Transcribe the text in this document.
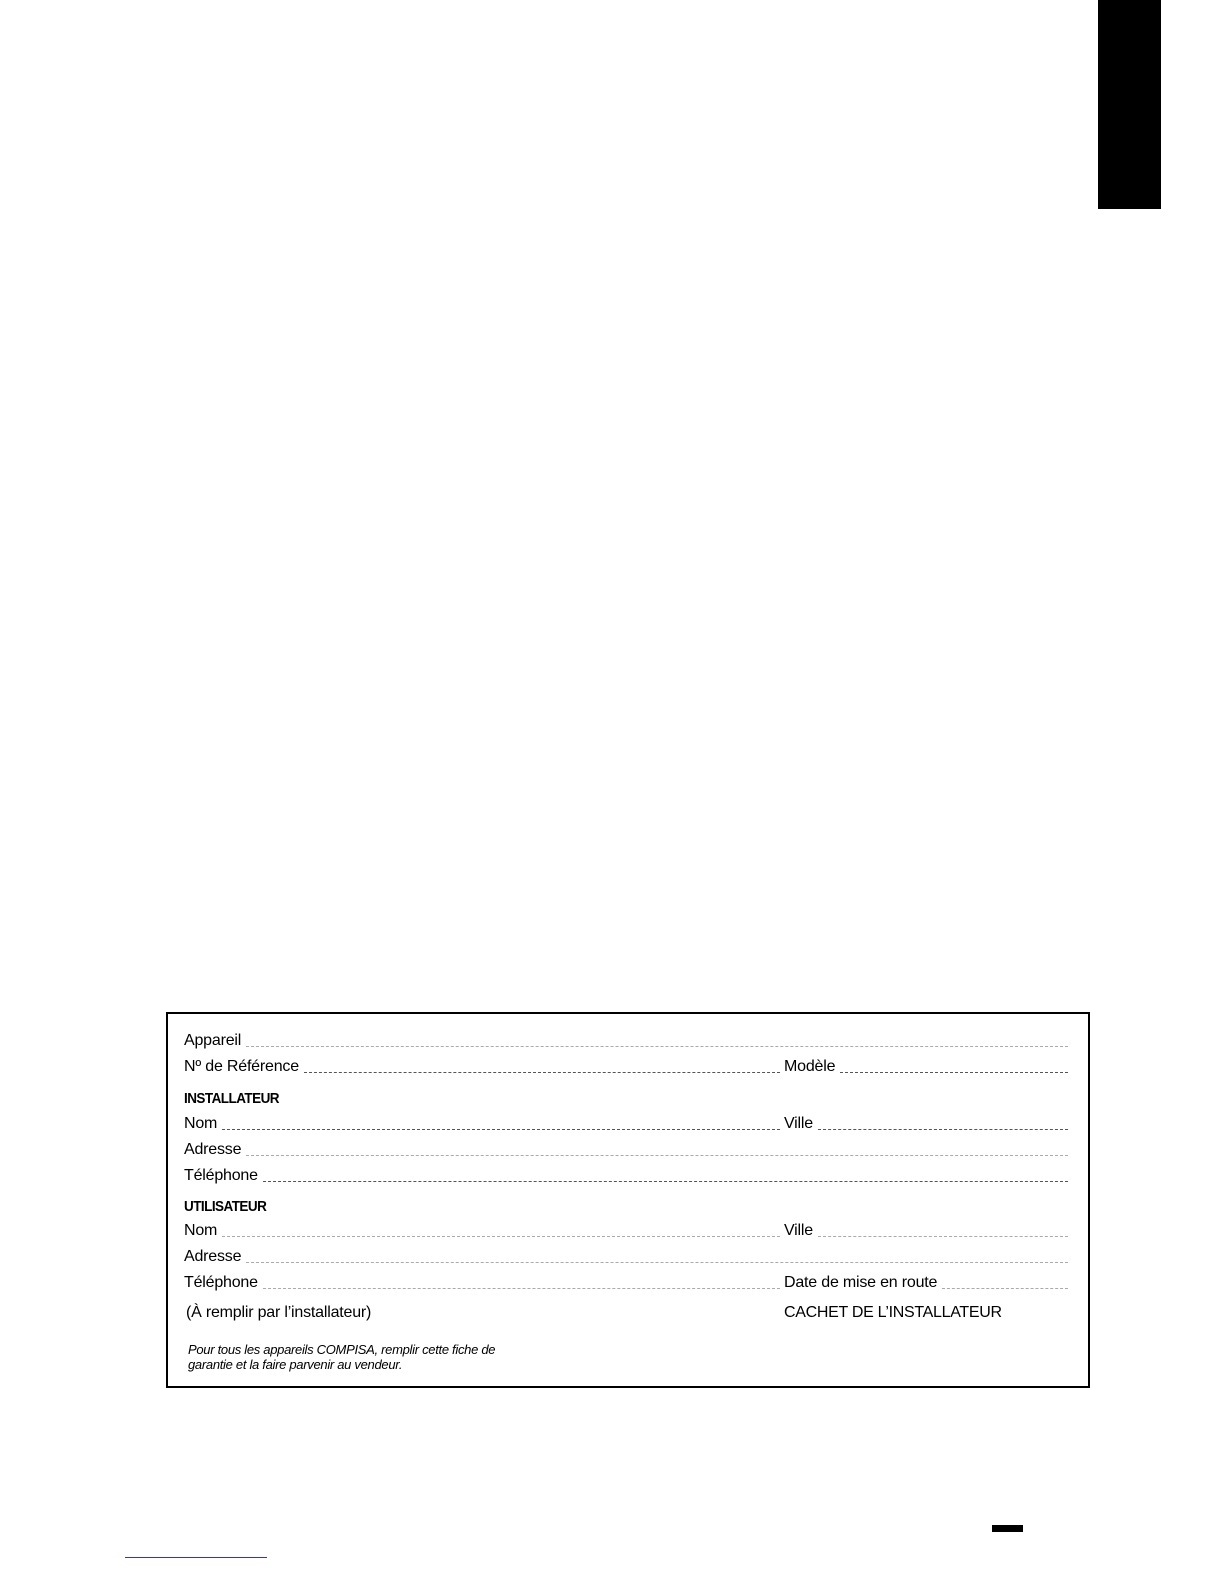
Appareil
Nº de Référence	Modèle
INSTALLATEUR
Nom	Ville
Adresse
Téléphone
UTILISATEUR
Nom	Ville
Adresse
Téléphone	Date de mise en route
(À remplir par l’installateur)	CACHET DE L’INSTALLATEUR
Pour tous les appareils COMPISA, remplir cette fiche de
garantie et la faire parvenir au vendeur.
